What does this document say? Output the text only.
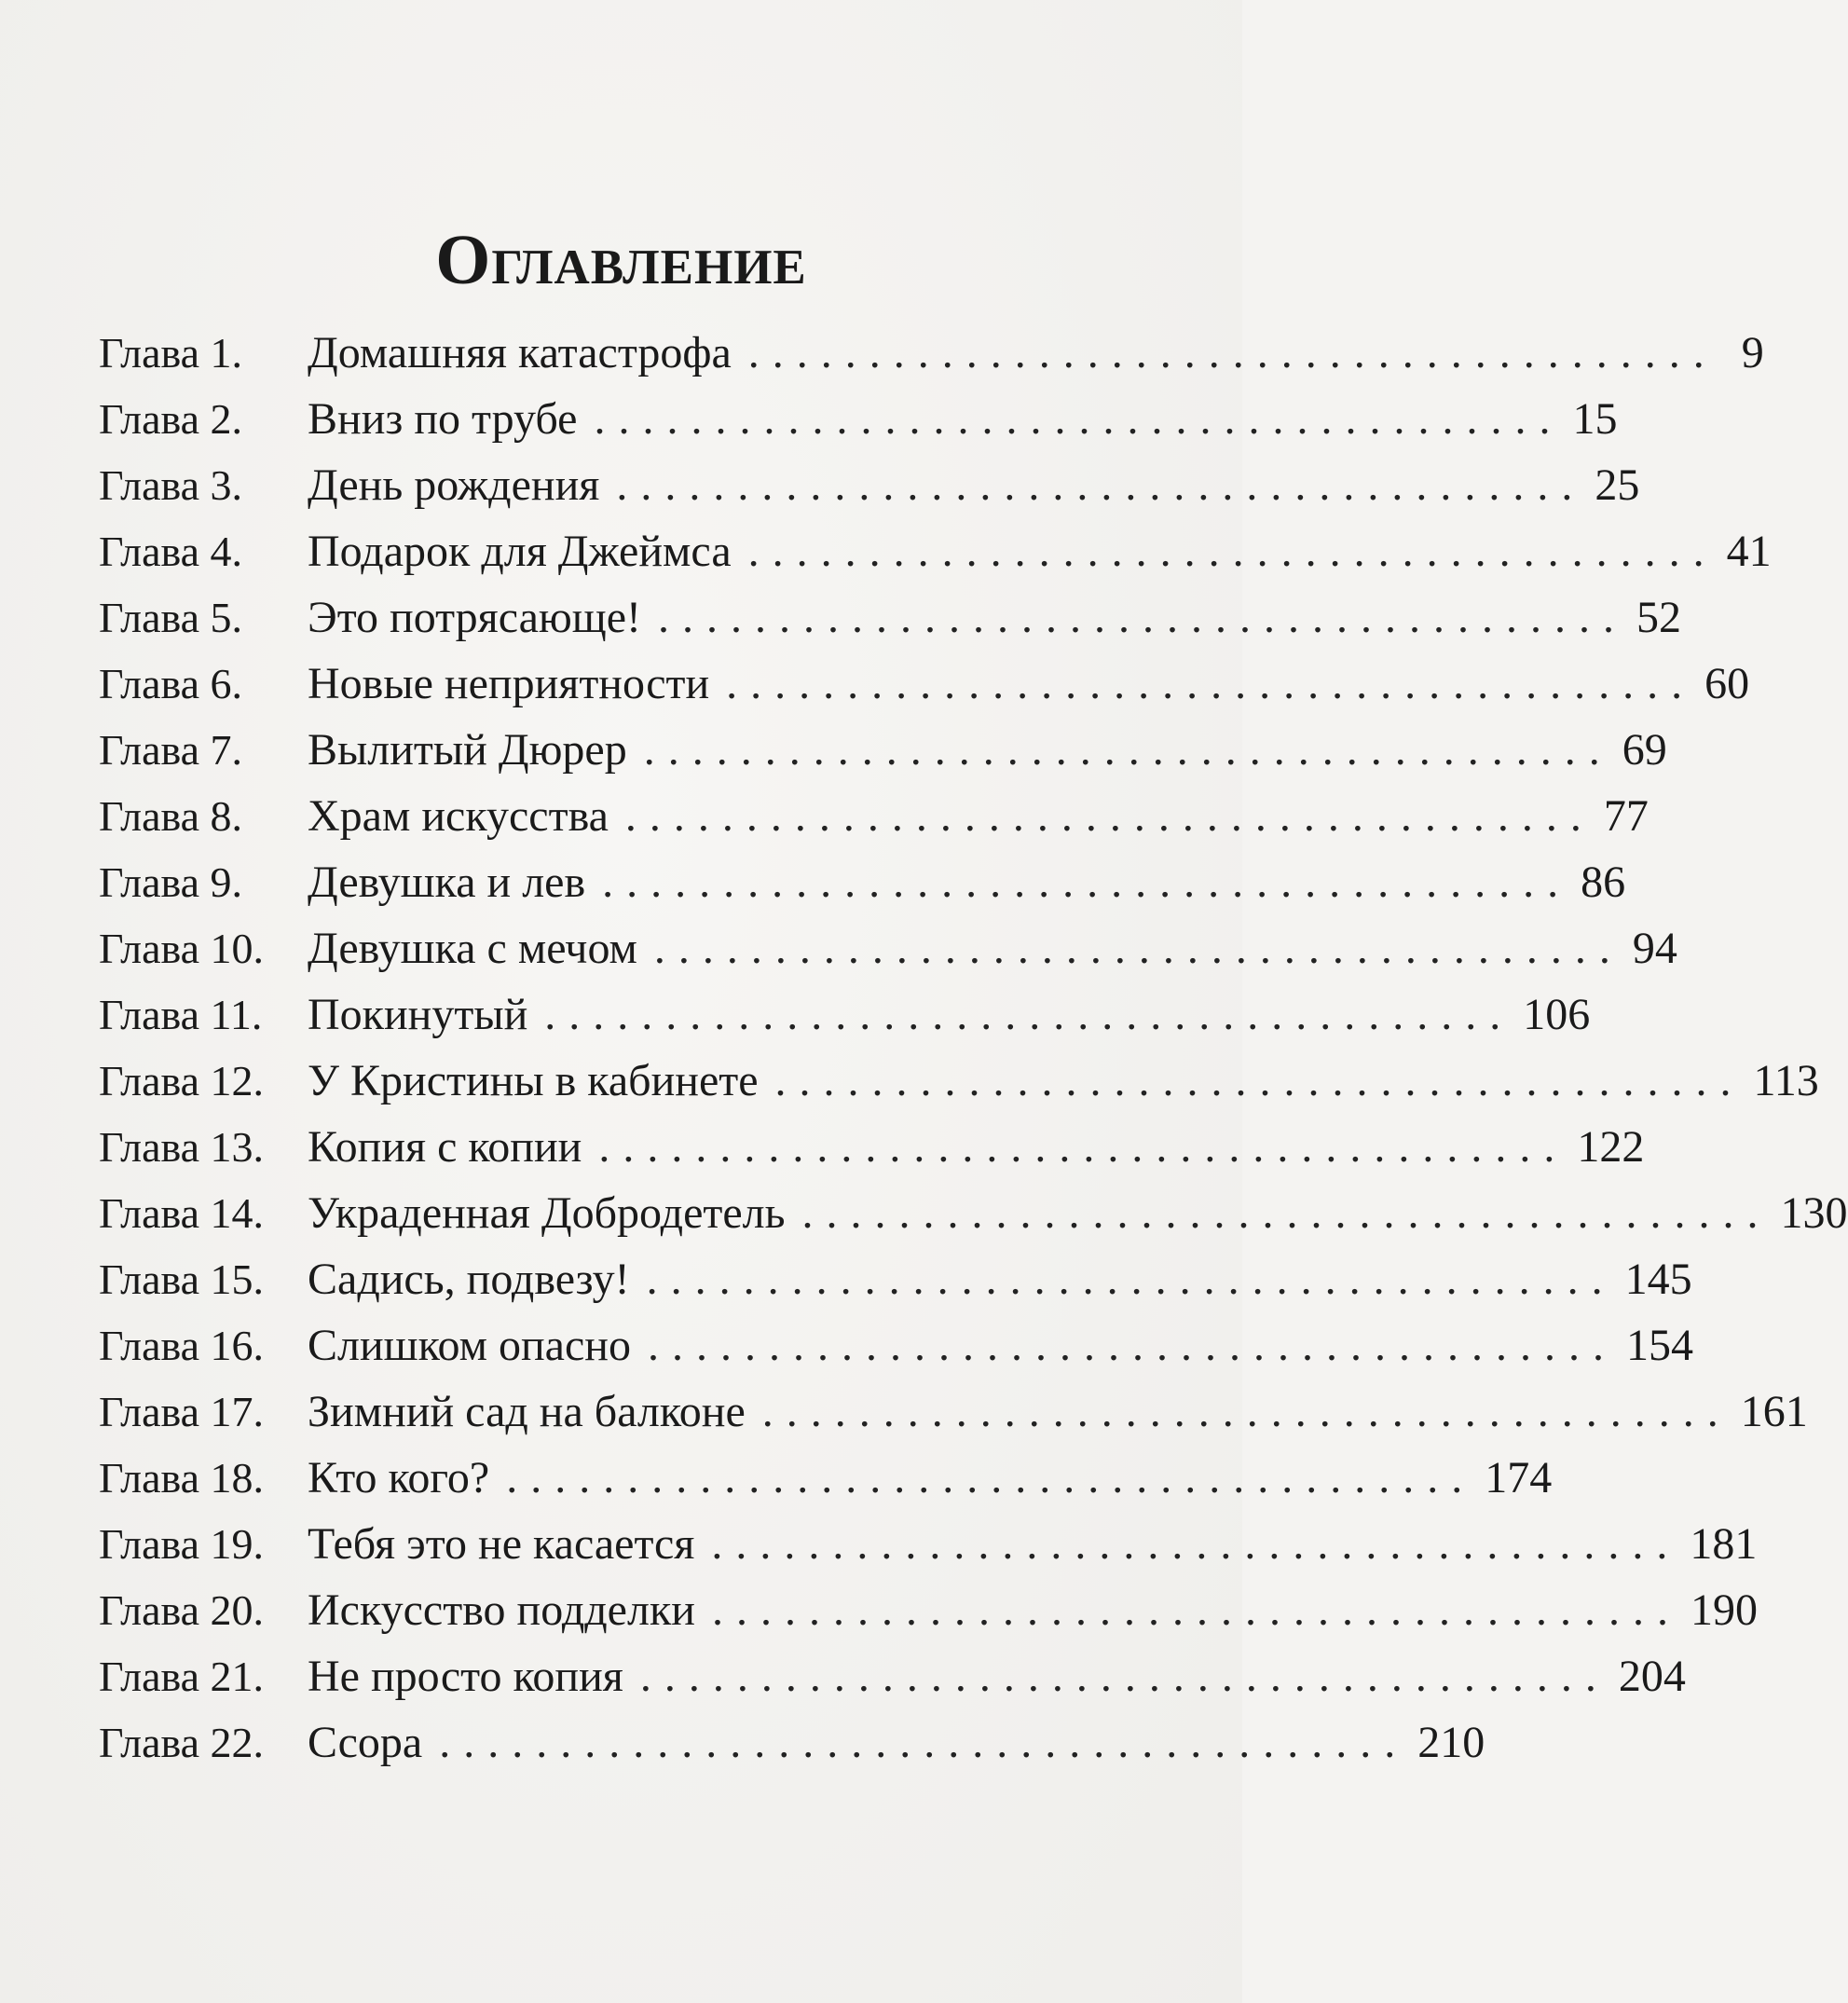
Оглавление
Глава 1.	Домашняя катастрофа ........................................ 9
Глава 2.	Вниз по трубе ........................................ 15
Глава 3.	День рождения ........................................ 25
Глава 4.	Подарок для Джеймса ........................................ 41
Глава 5.	Это потрясающе! ........................................ 52
Глава 6.	Новые неприятности ........................................ 60
Глава 7.	Вылитый Дюрер ........................................ 69
Глава 8.	Храм искусства ........................................ 77
Глава 9.	Девушка и лев ........................................ 86
Глава 10. Девушка с мечом ........................................ 94
Глава 11.	Покинутый ........................................ 106
Глава 12. У Кристины в кабинете ........................................ 113
Глава 13. Копия с копии ........................................ 122
Глава 14. Украденная Добродетель ........................................ 130
Глава 15. Садись, подвезу! ........................................ 145
Глава 16. Слишком опасно ........................................ 154
Глава 17. Зимний сад на балконе ........................................ 161
Глава 18. Кто кого? ........................................ 174
Глава 19. Тебя это не касается ........................................ 181
Глава 20. Искусство подделки ........................................ 190
Глава 21. Не просто копия ........................................ 204
Глава 22. Ссора ........................................ 210
